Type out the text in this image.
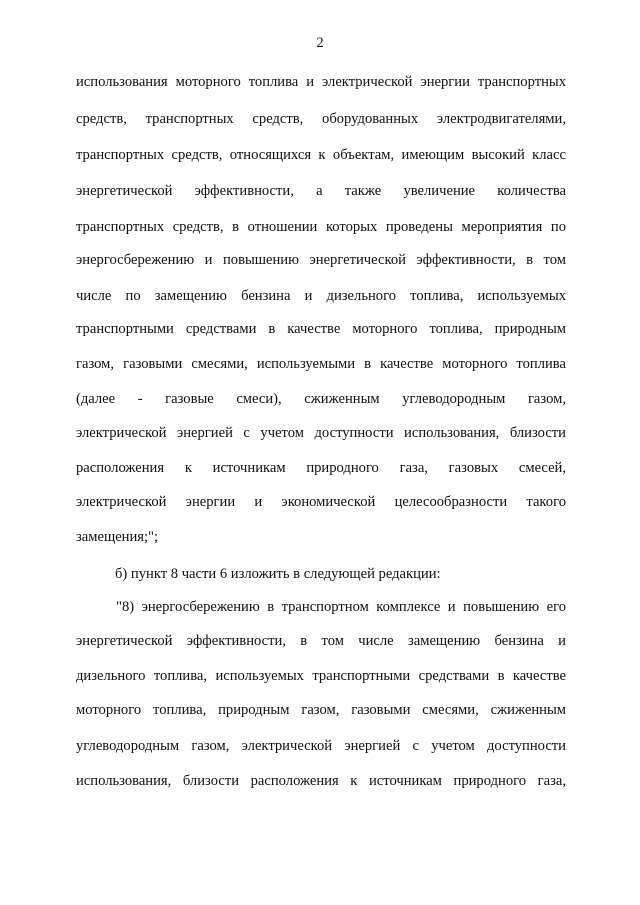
2
использования моторного топлива и электрической энергии транспортных
средств, транспортных средств, оборудованных электродвигателями,
транспортных средств, относящихся к объектам, имеющим высокий класс
энергетической эффективности, а также увеличение количества
транспортных средств, в отношении которых проведены мероприятия по
энергосбережению и повышению энергетической эффективности, в том
числе по замещению бензина и дизельного топлива, используемых
транспортными средствами в качестве моторного топлива, природным
газом, газовыми смесями, используемыми в качестве моторного топлива
(далее - газовые смеси), сжиженным углеводородным газом,
электрической энергией с учетом доступности использования, близости
расположения к источникам природного газа, газовых смесей,
электрической энергии и экономической целесообразности такого
замещения;";
б) пункт 8 части 6 изложить в следующей редакции:
"8) энергосбережению в транспортном комплексе и повышению его
энергетической эффективности, в том числе замещению бензина и
дизельного топлива, используемых транспортными средствами в качестве
моторного топлива, природным газом, газовыми смесями, сжиженным
углеводородным газом, электрической энергией с учетом доступности
использования, близости расположения к источникам природного газа,
